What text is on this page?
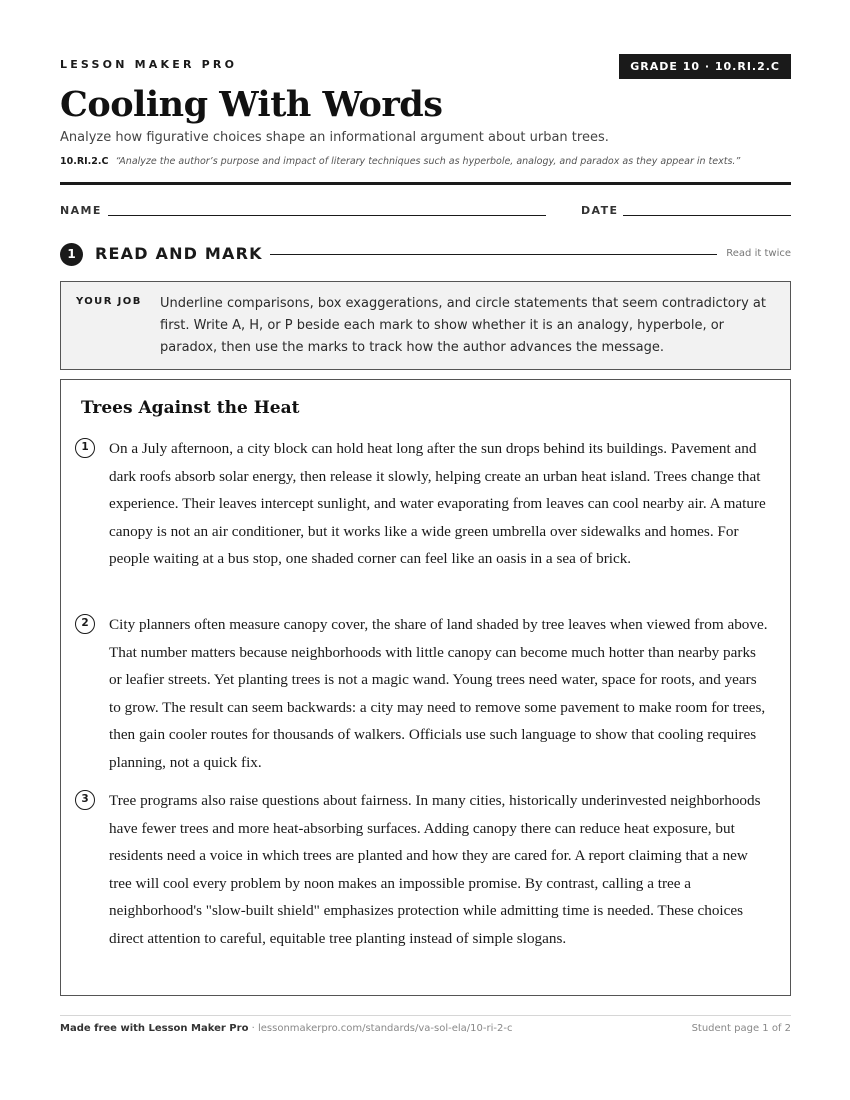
LESSON MAKER PRO	GRADE 10 · 10.RI.2.C
Cooling With Words
Analyze how figurative choices shape an informational argument about urban trees.
10.RI.2.C “Analyze the author’s purpose and impact of literary techniques such as hyperbole, analogy, and paradox as they appear in texts.”
NAME	DATE
1	READ AND MARK	Read it twice
YOUR JOB Underline comparisons, box exaggerations, and circle statements that seem contradictory at first. Write A, H, or P beside each mark to show whether it is an analogy, hyperbole, or paradox, then use the marks to track how the author advances the message.
Trees Against the Heat
1	On a July afternoon, a city block can hold heat long after the sun drops behind its buildings. Pavement and dark roofs absorb solar energy, then release it slowly, helping create an urban heat island. Trees change that experience. Their leaves intercept sunlight, and water evaporating from leaves can cool nearby air. A mature canopy is not an air conditioner, but it works like a wide green umbrella over sidewalks and homes. For people waiting at a bus stop, one shaded corner can feel like an oasis in a sea of brick.
2	City planners often measure canopy cover, the share of land shaded by tree leaves when viewed from above. That number matters because neighborhoods with little canopy can become much hotter than nearby parks or leafier streets. Yet planting trees is not a magic wand. Young trees need water, space for roots, and years to grow. The result can seem backwards: a city may need to remove some pavement to make room for trees, then gain cooler routes for thousands of walkers. Officials use such language to show that cooling requires planning, not a quick fix.
3	Tree programs also raise questions about fairness. In many cities, historically underinvested neighborhoods have fewer trees and more heat-absorbing surfaces. Adding canopy there can reduce heat exposure, but residents need a voice in which trees are planted and how they are cared for. A report claiming that a new tree will cool every problem by noon makes an impossible promise. By contrast, calling a tree a neighborhood's "slow-built shield" emphasizes protection while admitting time is needed. These choices direct attention to careful, equitable tree planting instead of simple slogans.
Made free with Lesson Maker Pro · lessonmakerpro.com/standards/va-sol-ela/10-ri-2-c	Student page 1 of 2
